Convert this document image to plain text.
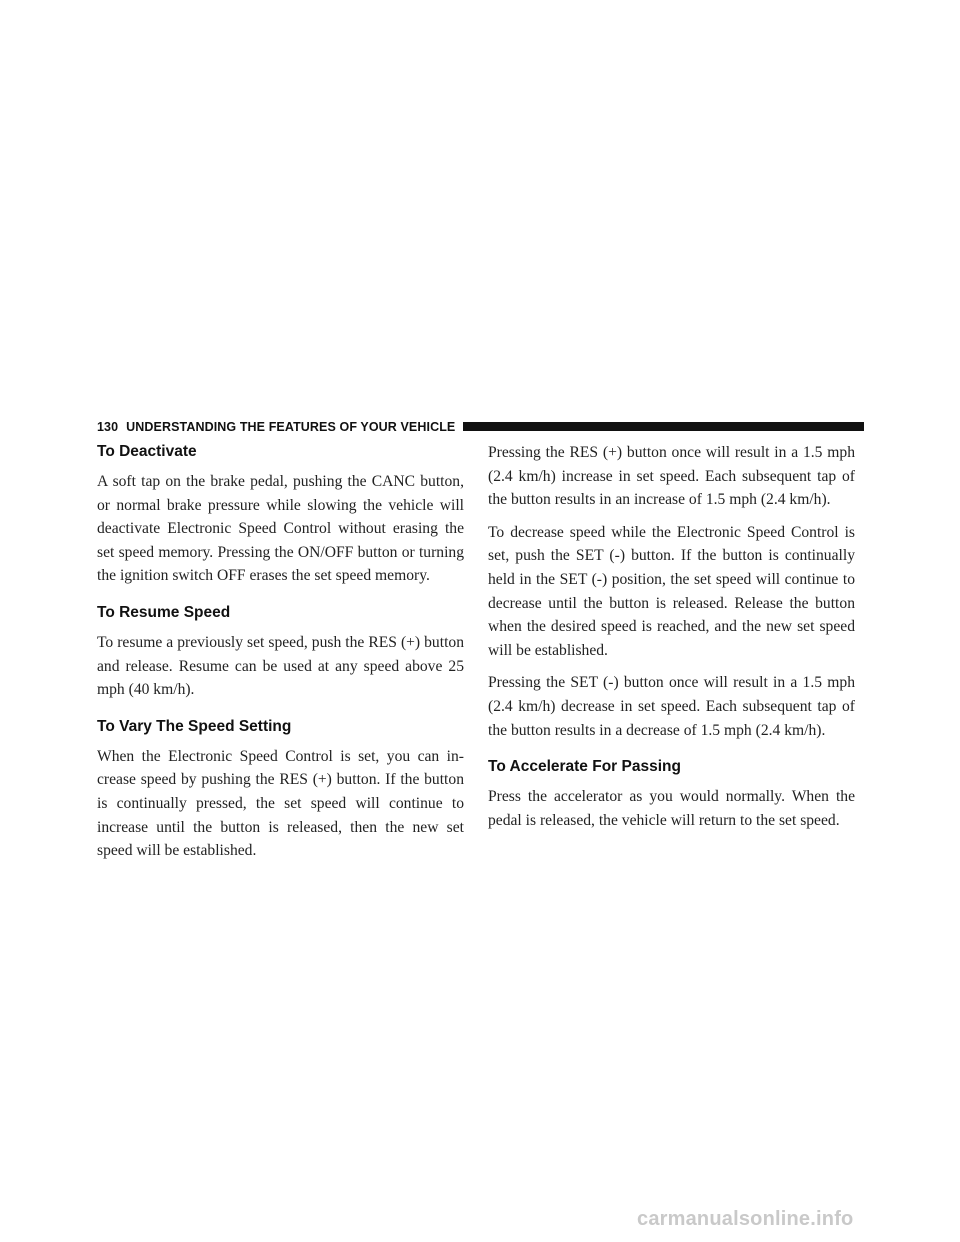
130 UNDERSTANDING THE FEATURES OF YOUR VEHICLE
To Deactivate

A soft tap on the brake pedal, pushing the CANC button, or normal brake pressure while slowing the vehicle will deactivate Electronic Speed Control without erasing the set speed memory. Pressing the ON/OFF button or turning the ignition switch OFF erases the set speed memory.

To Resume Speed

To resume a previously set speed, push the RES (+) button and release. Resume can be used at any speed above 25 mph (40 km/h).

To Vary The Speed Setting

When the Electronic Speed Control is set, you can in- crease speed by pushing the RES (+) button. If the button is continually pressed, the set speed will continue to increase until the button is released, then the new set speed will be established.

Pressing the RES (+) button once will result in a 1.5 mph (2.4 km/h) increase in set speed. Each subsequent tap of the button results in an increase of 1.5 mph (2.4 km/h).

To decrease speed while the Electronic Speed Control is set, push the SET (-) button. If the button is continually held in the SET (-) position, the set speed will continue to decrease until the button is released. Release the button when the desired speed is reached, and the new set speed will be established.

Pressing the SET (-) button once will result in a 1.5 mph (2.4 km/h) decrease in set speed. Each subsequent tap of the button results in a decrease of 1.5 mph (2.4 km/h).

To Accelerate For Passing

Press the accelerator as you would normally. When the pedal is released, the vehicle will return to the set speed.

carmanualsonline.info
